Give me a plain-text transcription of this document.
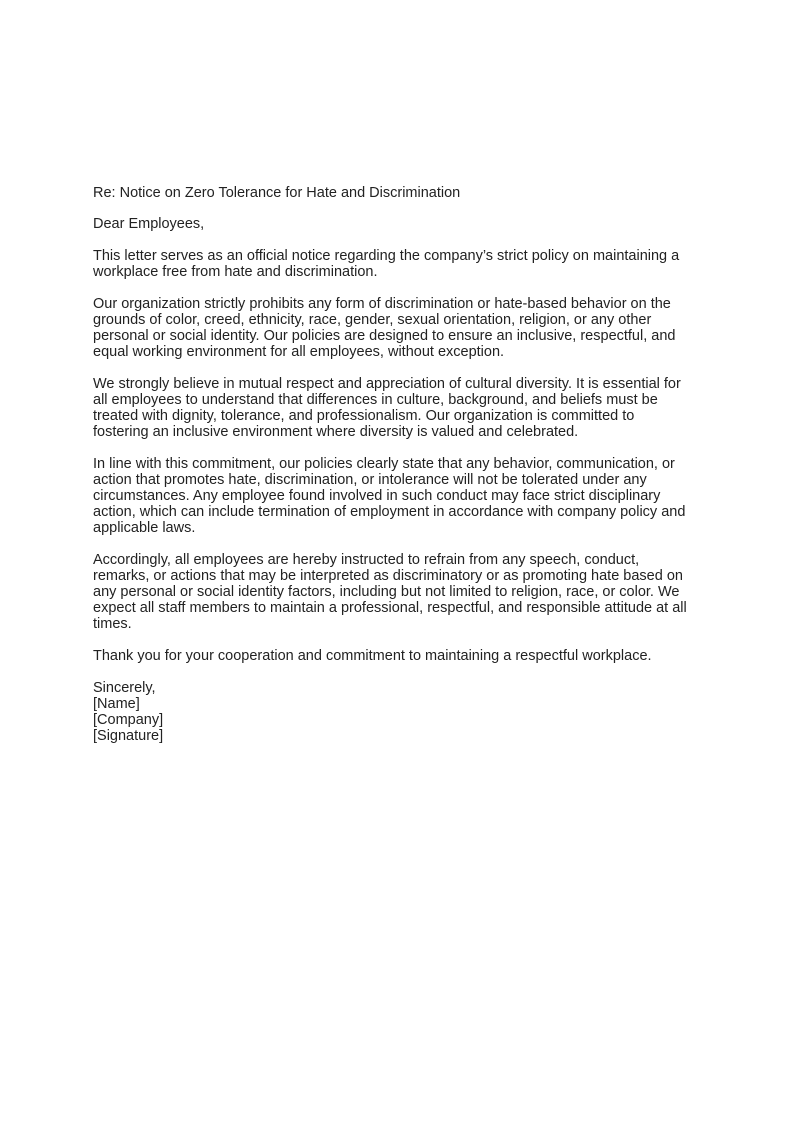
Re: Notice on Zero Tolerance for Hate and Discrimination

Dear Employees,

This letter serves as an official notice regarding the company’s strict policy on maintaining a workplace free from hate and discrimination.

Our organization strictly prohibits any form of discrimination or hate-based behavior on the grounds of color, creed, ethnicity, race, gender, sexual orientation, religion, or any other personal or social identity. Our policies are designed to ensure an inclusive, respectful, and equal working environment for all employees, without exception.

We strongly believe in mutual respect and appreciation of cultural diversity. It is essential for all employees to understand that differences in culture, background, and beliefs must be treated with dignity, tolerance, and professionalism. Our organization is committed to fostering an inclusive environment where diversity is valued and celebrated.

In line with this commitment, our policies clearly state that any behavior, communication, or action that promotes hate, discrimination, or intolerance will not be tolerated under any circumstances. Any employee found involved in such conduct may face strict disciplinary action, which can include termination of employment in accordance with company policy and applicable laws.

Accordingly, all employees are hereby instructed to refrain from any speech, conduct, remarks, or actions that may be interpreted as discriminatory or as promoting hate based on any personal or social identity factors, including but not limited to religion, race, or color. We expect all staff members to maintain a professional, respectful, and responsible attitude at all times.

Thank you for your cooperation and commitment to maintaining a respectful workplace.

Sincerely,
[Name]
[Company]
[Signature]
